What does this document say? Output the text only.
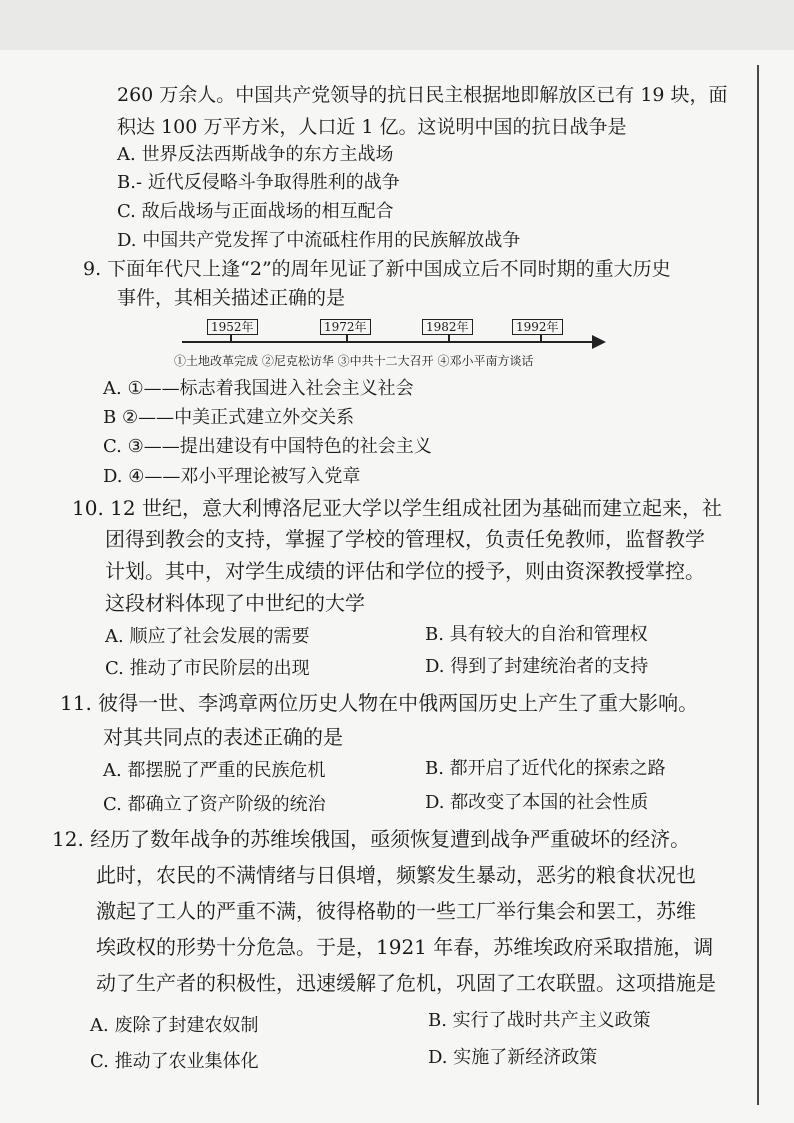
260 万余人。中国共产党领导的抗日民主根据地即解放区已有 19 块，面
积达 100 万平方米，人口近 1 亿。这说明中国的抗日战争是
A. 世界反法西斯战争的东方主战场
B.- 近代反侵略斗争取得胜利的战争
C. 敌后战场与正面战场的相互配合
D. 中国共产党发挥了中流砥柱作用的民族解放战争
9. 下面年代尺上逢“2”的周年见证了新中国成立后不同时期的重大历史
事件，其相关描述正确的是
1952年	1972年	1982年	1992年
①土地改革完成 ②尼克松访华 ③中共十二大召开 ④邓小平南方谈话
A. ①——标志着我国进入社会主义社会
B ②——中美正式建立外交关系
C. ③——提出建设有中国特色的社会主义
D. ④——邓小平理论被写入党章
10. 12 世纪，意大利博洛尼亚大学以学生组成社团为基础而建立起来，社
团得到教会的支持，掌握了学校的管理权，负责任免教师，监督教学
计划。其中，对学生成绩的评估和学位的授予，则由资深教授掌控。
这段材料体现了中世纪的大学
A. 顺应了社会发展的需要	B. 具有较大的自治和管理权
C. 推动了市民阶层的出现	D. 得到了封建统治者的支持
11. 彼得一世、李鸿章两位历史人物在中俄两国历史上产生了重大影响。
对其共同点的表述正确的是
A. 都摆脱了严重的民族危机	B. 都开启了近代化的探索之路
C. 都确立了资产阶级的统治	D. 都改变了本国的社会性质
12. 经历了数年战争的苏维埃俄国，亟须恢复遭到战争严重破坏的经济。
此时，农民的不满情绪与日俱增，频繁发生暴动，恶劣的粮食状况也
激起了工人的严重不满，彼得格勒的一些工厂举行集会和罢工，苏维
埃政权的形势十分危急。于是，1921 年春，苏维埃政府采取措施，调
动了生产者的积极性，迅速缓解了危机，巩固了工农联盟。这项措施是
A. 废除了封建农奴制	B. 实行了战时共产主义政策
C. 推动了农业集体化	D. 实施了新经济政策
